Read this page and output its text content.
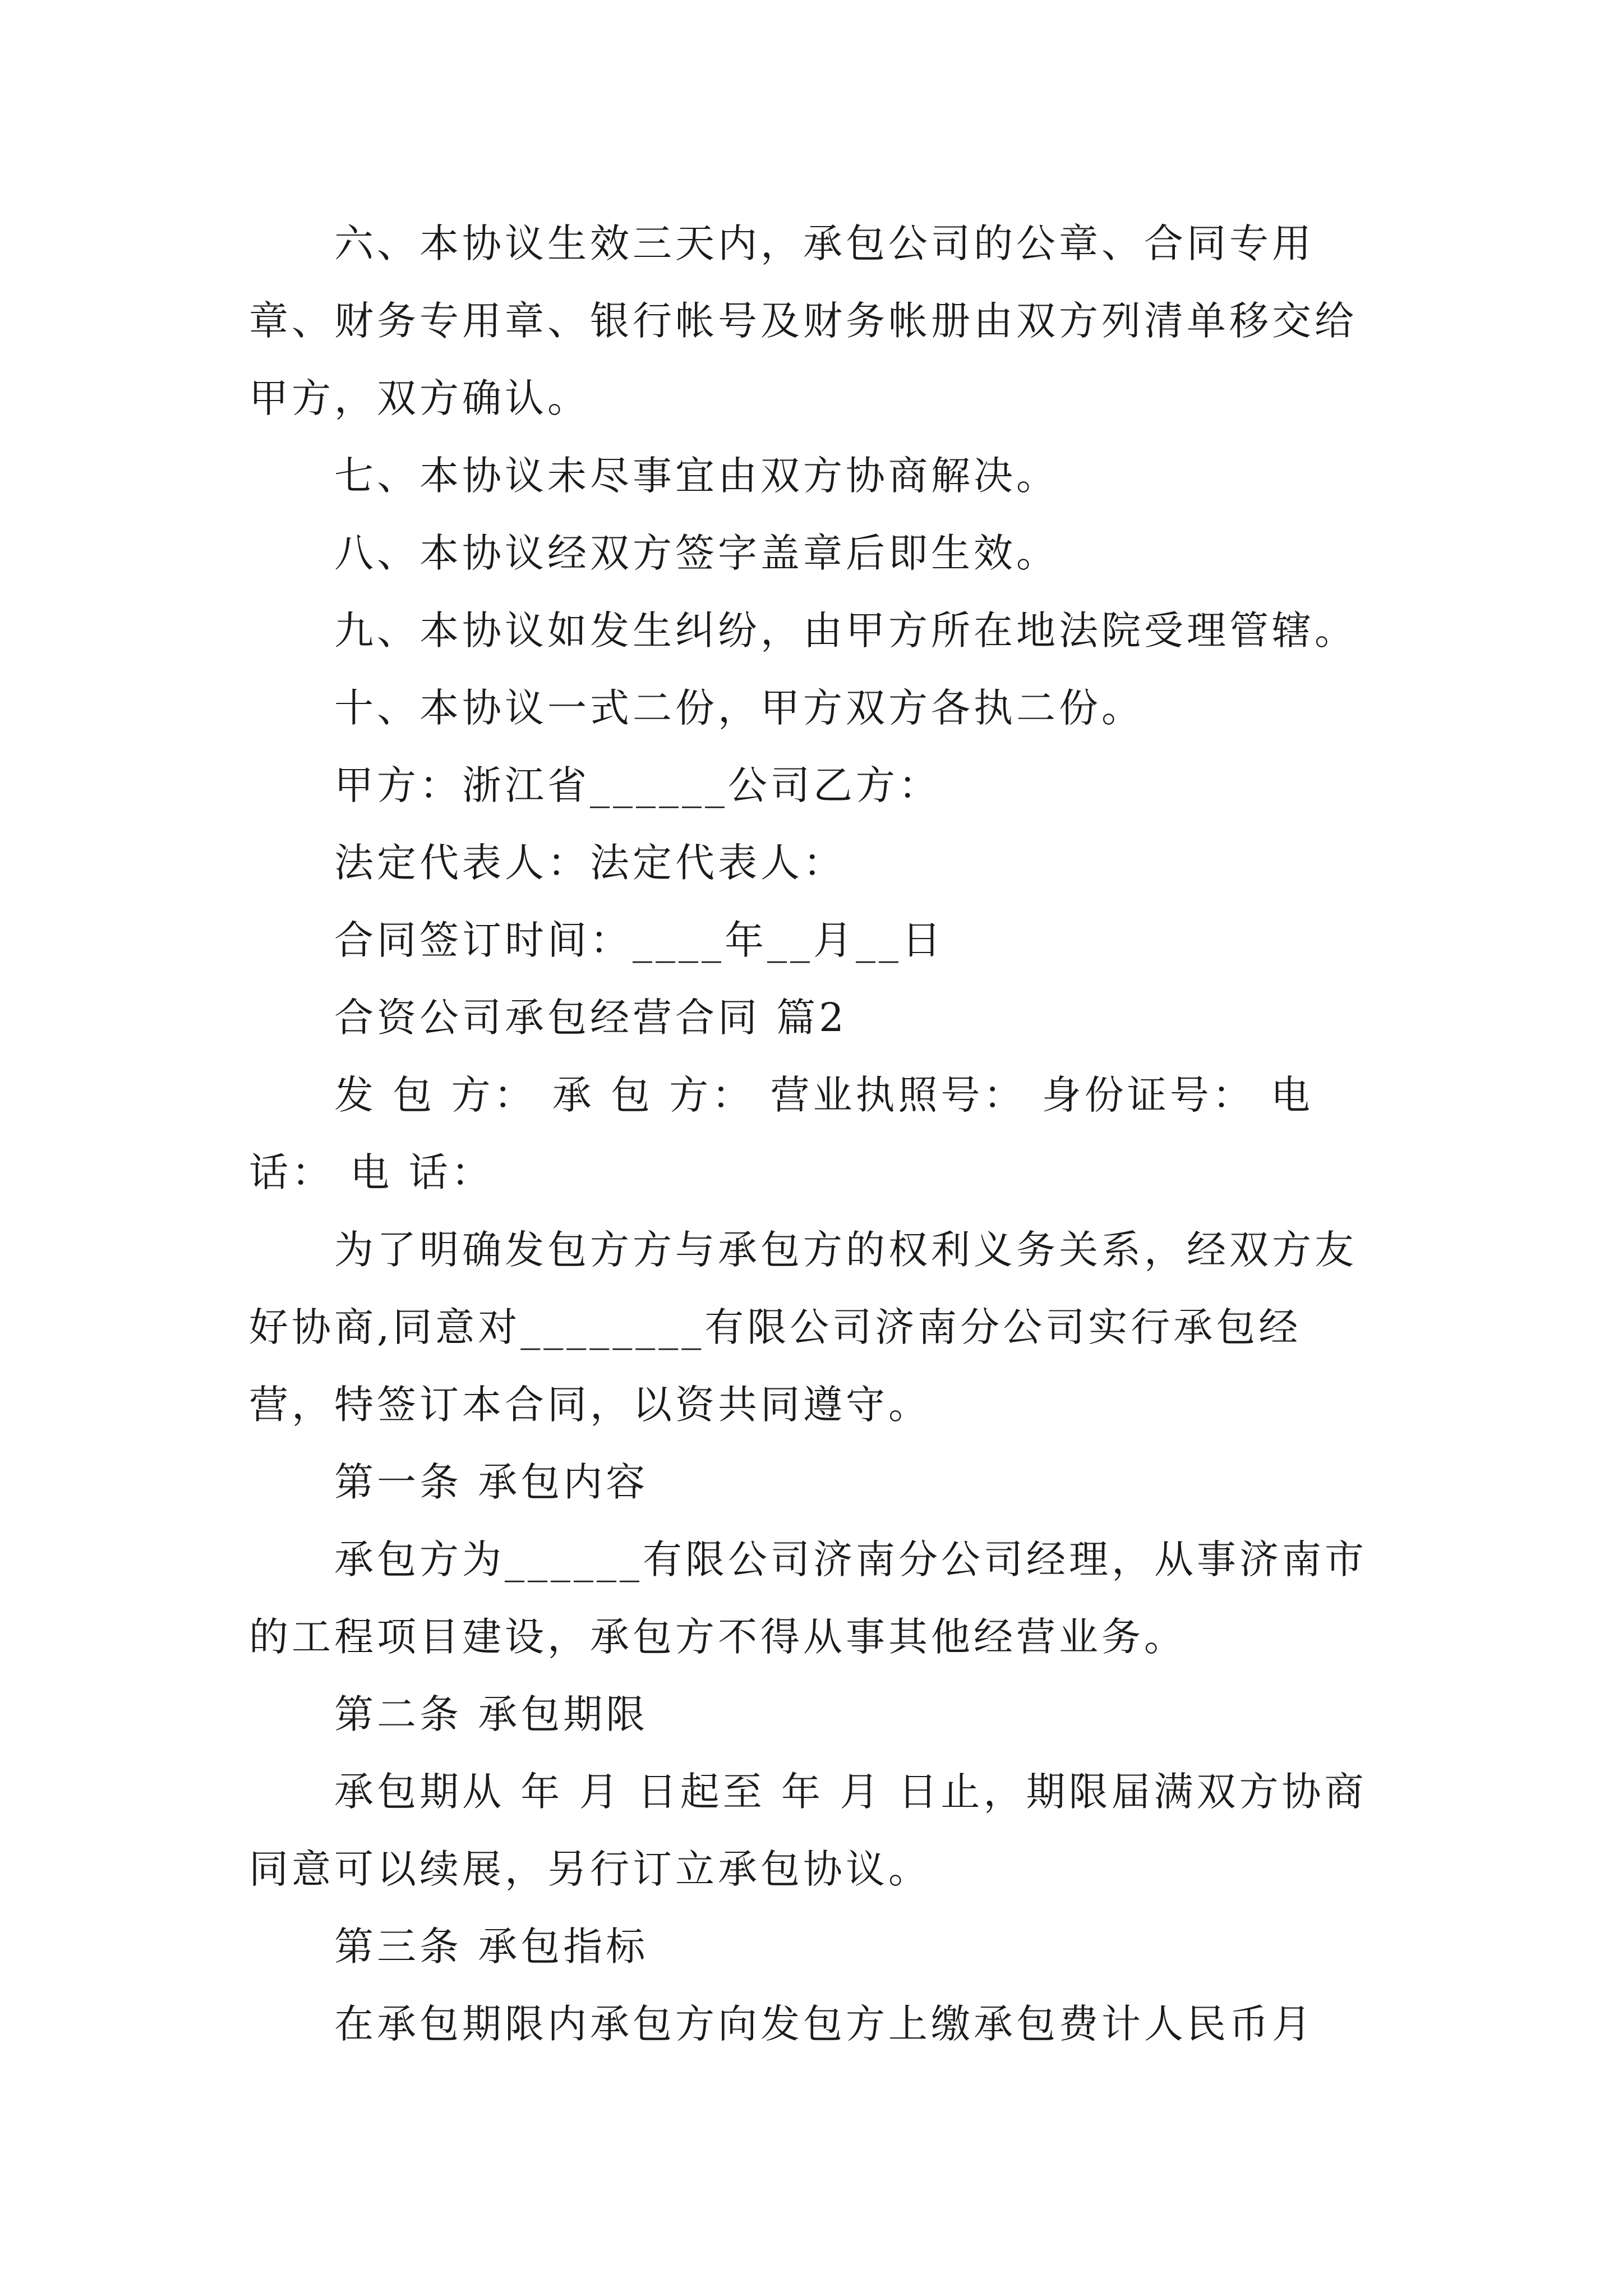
六、本协议生效三天内，承包公司的公章、合同专用章、财务专用章、银行帐号及财务帐册由双方列清单移交给甲方，双方确认。

七、本协议未尽事宜由双方协商解决。

八、本协议经双方签字盖章后即生效。

九、本协议如发生纠纷，由甲方所在地法院受理管辖。

十、本协议一式二份，甲方双方各执二份。

甲方：浙江省______公司乙方：

法定代表人：法定代表人：

合同签订时间：____年__月__日

合资公司承包经营合同 篇2

发 包 方： 承 包 方： 营业执照号： 身份证号： 电话： 电 话：

为了明确发包方方与承包方的权利义务关系，经双方友好协商,同意对________有限公司济南分公司实行承包经营，特签订本合同，以资共同遵守。

第一条 承包内容

承包方为______有限公司济南分公司经理，从事济南市的工程项目建设，承包方不得从事其他经营业务。

第二条 承包期限

承包期从 年 月 日起至 年 月 日止，期限届满双方协商同意可以续展，另行订立承包协议。

第三条 承包指标

在承包期限内承包方向发包方上缴承包费计人民币月
